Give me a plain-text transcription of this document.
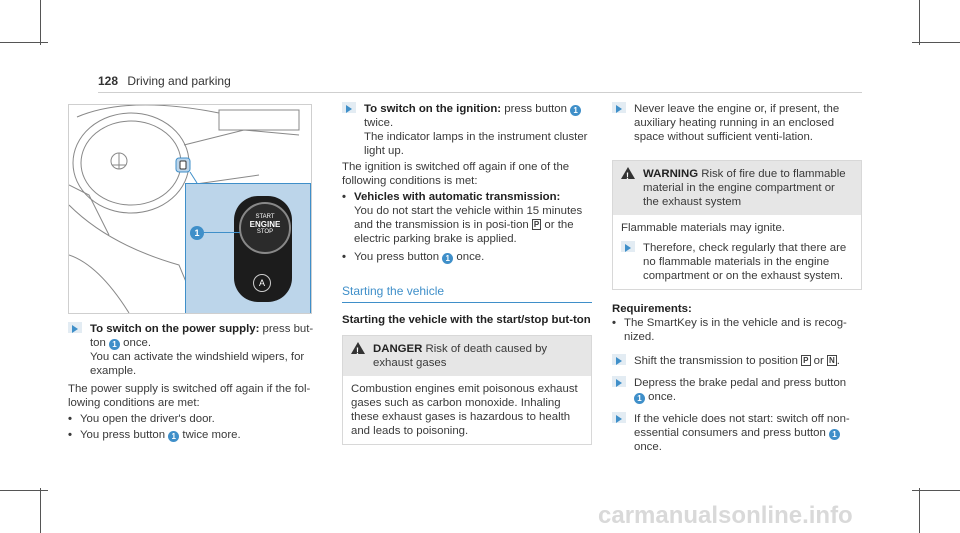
128 Driving and parking
START
ENGINE
STOP
A
1

To switch on the power supply: press but-

ton 1 once.

You can activate the windshield wipers, for

example.

The power supply is switched off again if the fol-lowing conditions are met:

• You open the driver's door.
• You press button 1 twice more.

To switch on the ignition: press button 1

twice.

The indicator lamps in the instrument cluster light up.

The ignition is switched off again if one of the following conditions is met:

• Vehicles with automatic transmission:
You do not start the vehicle within 15 minutes and the transmission is in posi-tion P or the electric parking brake is applied.
• You press button 1 once.

Starting the vehicle

Starting the vehicle with the start/stop but-ton

! DANGER Risk of death caused by exhaust gases
Combustion engines emit poisonous exhaust gases such as carbon monoxide. Inhaling these exhaust gases is hazardous to health and leads to poisoning.
Never leave the engine or, if present, the auxiliary heating running in an enclosed space without sufficient venti-lation.
! WARNING Risk of fire due to flammable material in the engine compartment or the exhaust system

Flammable materials may ignite.

Therefore, check regularly that there are no flammable materials in the engine compartment or on the exhaust system.

Requirements:

• The SmartKey is in the vehicle and is recog-nized.
Shift the transmission to position P or N .
Depress the brake pedal and press button
1 once.
If the vehicle does not start: switch off non-essential consumers and press button 1
once.
carmanualsonline.info
